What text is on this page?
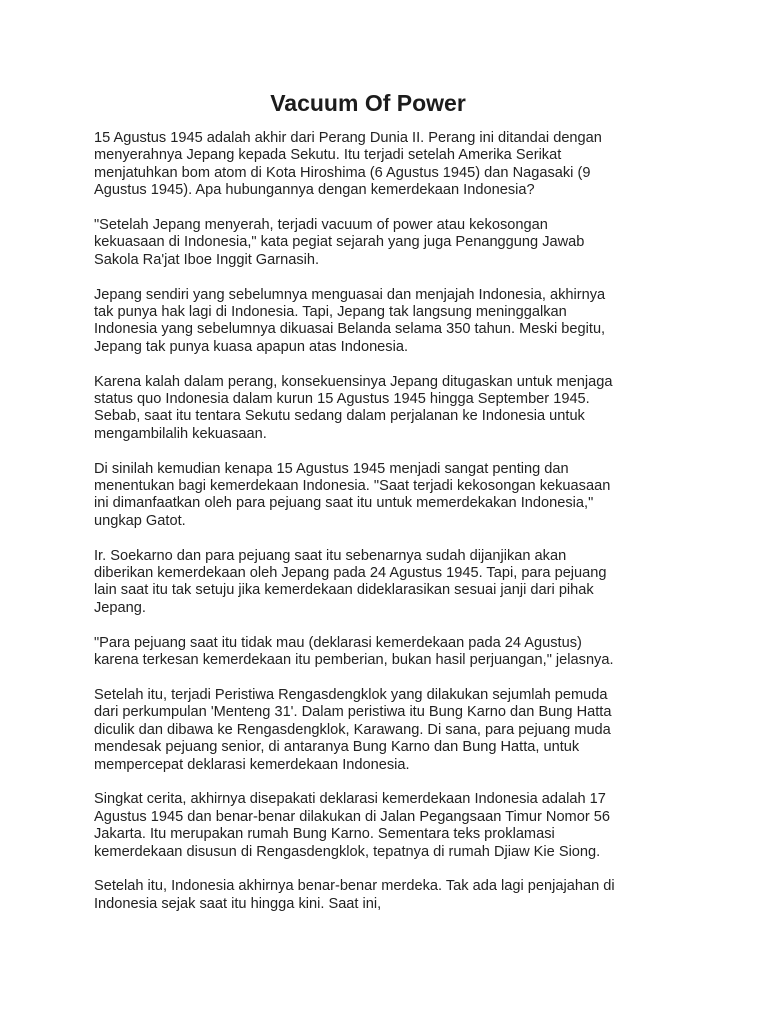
Vacuum Of Power

15 Agustus 1945 adalah akhir dari Perang Dunia II. Perang ini ditandai dengan
menyerahnya Jepang kepada Sekutu. Itu terjadi setelah Amerika Serikat
menjatuhkan bom atom di Kota Hiroshima (6 Agustus 1945) dan Nagasaki (9
Agustus 1945). Apa hubungannya dengan kemerdekaan Indonesia?

"Setelah Jepang menyerah, terjadi vacuum of power atau kekosongan
kekuasaan di Indonesia," kata pegiat sejarah yang juga Penanggung Jawab
Sakola Ra'jat Iboe Inggit Garnasih.

Jepang sendiri yang sebelumnya menguasai dan menjajah Indonesia, akhirnya
tak punya hak lagi di Indonesia. Tapi, Jepang tak langsung meninggalkan
Indonesia yang sebelumnya dikuasai Belanda selama 350 tahun. Meski begitu,
Jepang tak punya kuasa apapun atas Indonesia.

Karena kalah dalam perang, konsekuensinya Jepang ditugaskan untuk menjaga
status quo Indonesia dalam kurun 15 Agustus 1945 hingga September 1945.
Sebab, saat itu tentara Sekutu sedang dalam perjalanan ke Indonesia untuk
mengambilalih kekuasaan.

Di sinilah kemudian kenapa 15 Agustus 1945 menjadi sangat penting dan
menentukan bagi kemerdekaan Indonesia. "Saat terjadi kekosongan kekuasaan
ini dimanfaatkan oleh para pejuang saat itu untuk memerdekakan Indonesia,"
ungkap Gatot.

Ir. Soekarno dan para pejuang saat itu sebenarnya sudah dijanjikan akan
diberikan kemerdekaan oleh Jepang pada 24 Agustus 1945. Tapi, para pejuang
lain saat itu tak setuju jika kemerdekaan dideklarasikan sesuai janji dari pihak
Jepang.

"Para pejuang saat itu tidak mau (deklarasi kemerdekaan pada 24 Agustus)
karena terkesan kemerdekaan itu pemberian, bukan hasil perjuangan," jelasnya.

Setelah itu, terjadi Peristiwa Rengasdengklok yang dilakukan sejumlah pemuda
dari perkumpulan 'Menteng 31'. Dalam peristiwa itu Bung Karno dan Bung Hatta
diculik dan dibawa ke Rengasdengklok, Karawang. Di sana, para pejuang muda
mendesak pejuang senior, di antaranya Bung Karno dan Bung Hatta, untuk
mempercepat deklarasi kemerdekaan Indonesia.

Singkat cerita, akhirnya disepakati deklarasi kemerdekaan Indonesia adalah 17
Agustus 1945 dan benar-benar dilakukan di Jalan Pegangsaan Timur Nomor 56
Jakarta. Itu merupakan rumah Bung Karno. Sementara teks proklamasi
kemerdekaan disusun di Rengasdengklok, tepatnya di rumah Djiaw Kie Siong.

Setelah itu, Indonesia akhirnya benar-benar merdeka. Tak ada lagi penjajahan di
Indonesia sejak saat itu hingga kini. Saat ini,
